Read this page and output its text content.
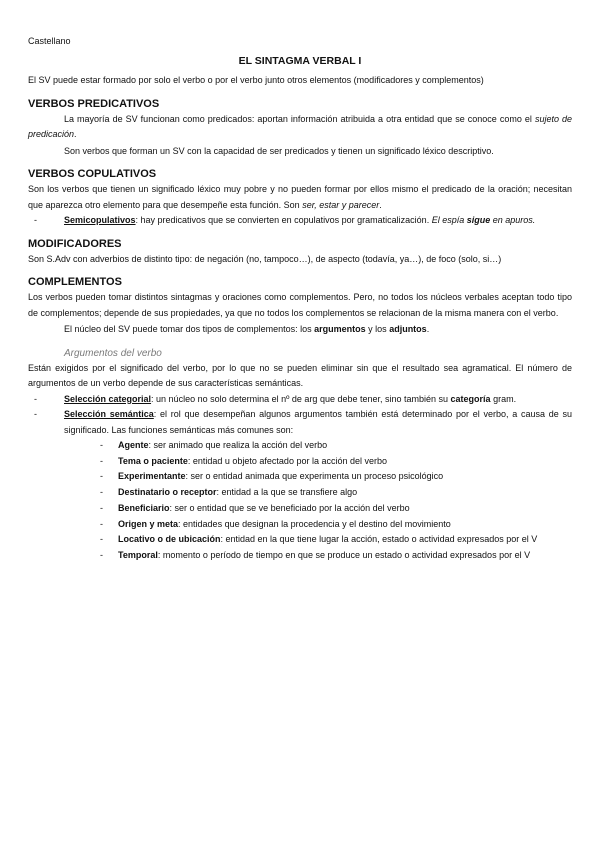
Castellano

EL SINTAGMA VERBAL I

El SV puede estar formado por solo el verbo o por el verbo junto otros elementos (modificadores y complementos)

VERBOS PREDICATIVOS

La mayoría de SV funcionan como predicados: aportan información atribuida a otra entidad que se conoce como el sujeto de predicación.

Son verbos que forman un SV con la capacidad de ser predicados y tienen un significado léxico descriptivo.

VERBOS COPULATIVOS

Son los verbos que tienen un significado léxico muy pobre y no pueden formar por ellos mismo el predicado de la oración; necesitan que aparezca otro elemento para que desempeñe esta función. Son ser, estar y parecer.

-	Semicopulativos: hay predicativos que se convierten en copulativos por gramaticalización. El espía sigue en apuros.
MODIFICADORES

Son S.Adv con adverbios de distinto tipo: de negación (no, tampoco…), de aspecto (todavía, ya…), de foco (solo, si…)

COMPLEMENTOS

Los verbos pueden tomar distintos sintagmas y oraciones como complementos. Pero, no todos los núcleos verbales aceptan todo tipo de complementos; depende de sus propiedades, ya que no todos los complementos se relacionan de la misma manera con el verbo.

El núcleo del SV puede tomar dos tipos de complementos: los argumentos y los adjuntos.

Argumentos del verbo

Están exigidos por el significado del verbo, por lo que no se pueden eliminar sin que el resultado sea agramatical. El número de argumentos de un verbo depende de sus características semánticas.

-	Selección categorial: un núcleo no solo determina el nº de arg que debe tener, sino también su categoría gram.
-	Selección semántica: el rol que desempeñan algunos argumentos también está determinado por el verbo, a causa de su significado. Las funciones semánticas más comunes son:
- Agente: ser animado que realiza la acción del verbo
- Tema o paciente: entidad u objeto afectado por la acción del verbo
- Experimentante: ser o entidad animada que experimenta un proceso psicológico
- Destinatario o receptor: entidad a la que se transfiere algo
- Beneficiario: ser o entidad que se ve beneficiado por la acción del verbo
- Origen y meta: entidades que designan la procedencia y el destino del movimiento
- Locativo o de ubicación: entidad en la que tiene lugar la acción, estado o actividad expresados por el V
- Temporal: momento o período de tiempo en que se produce un estado o actividad expresados por el V
